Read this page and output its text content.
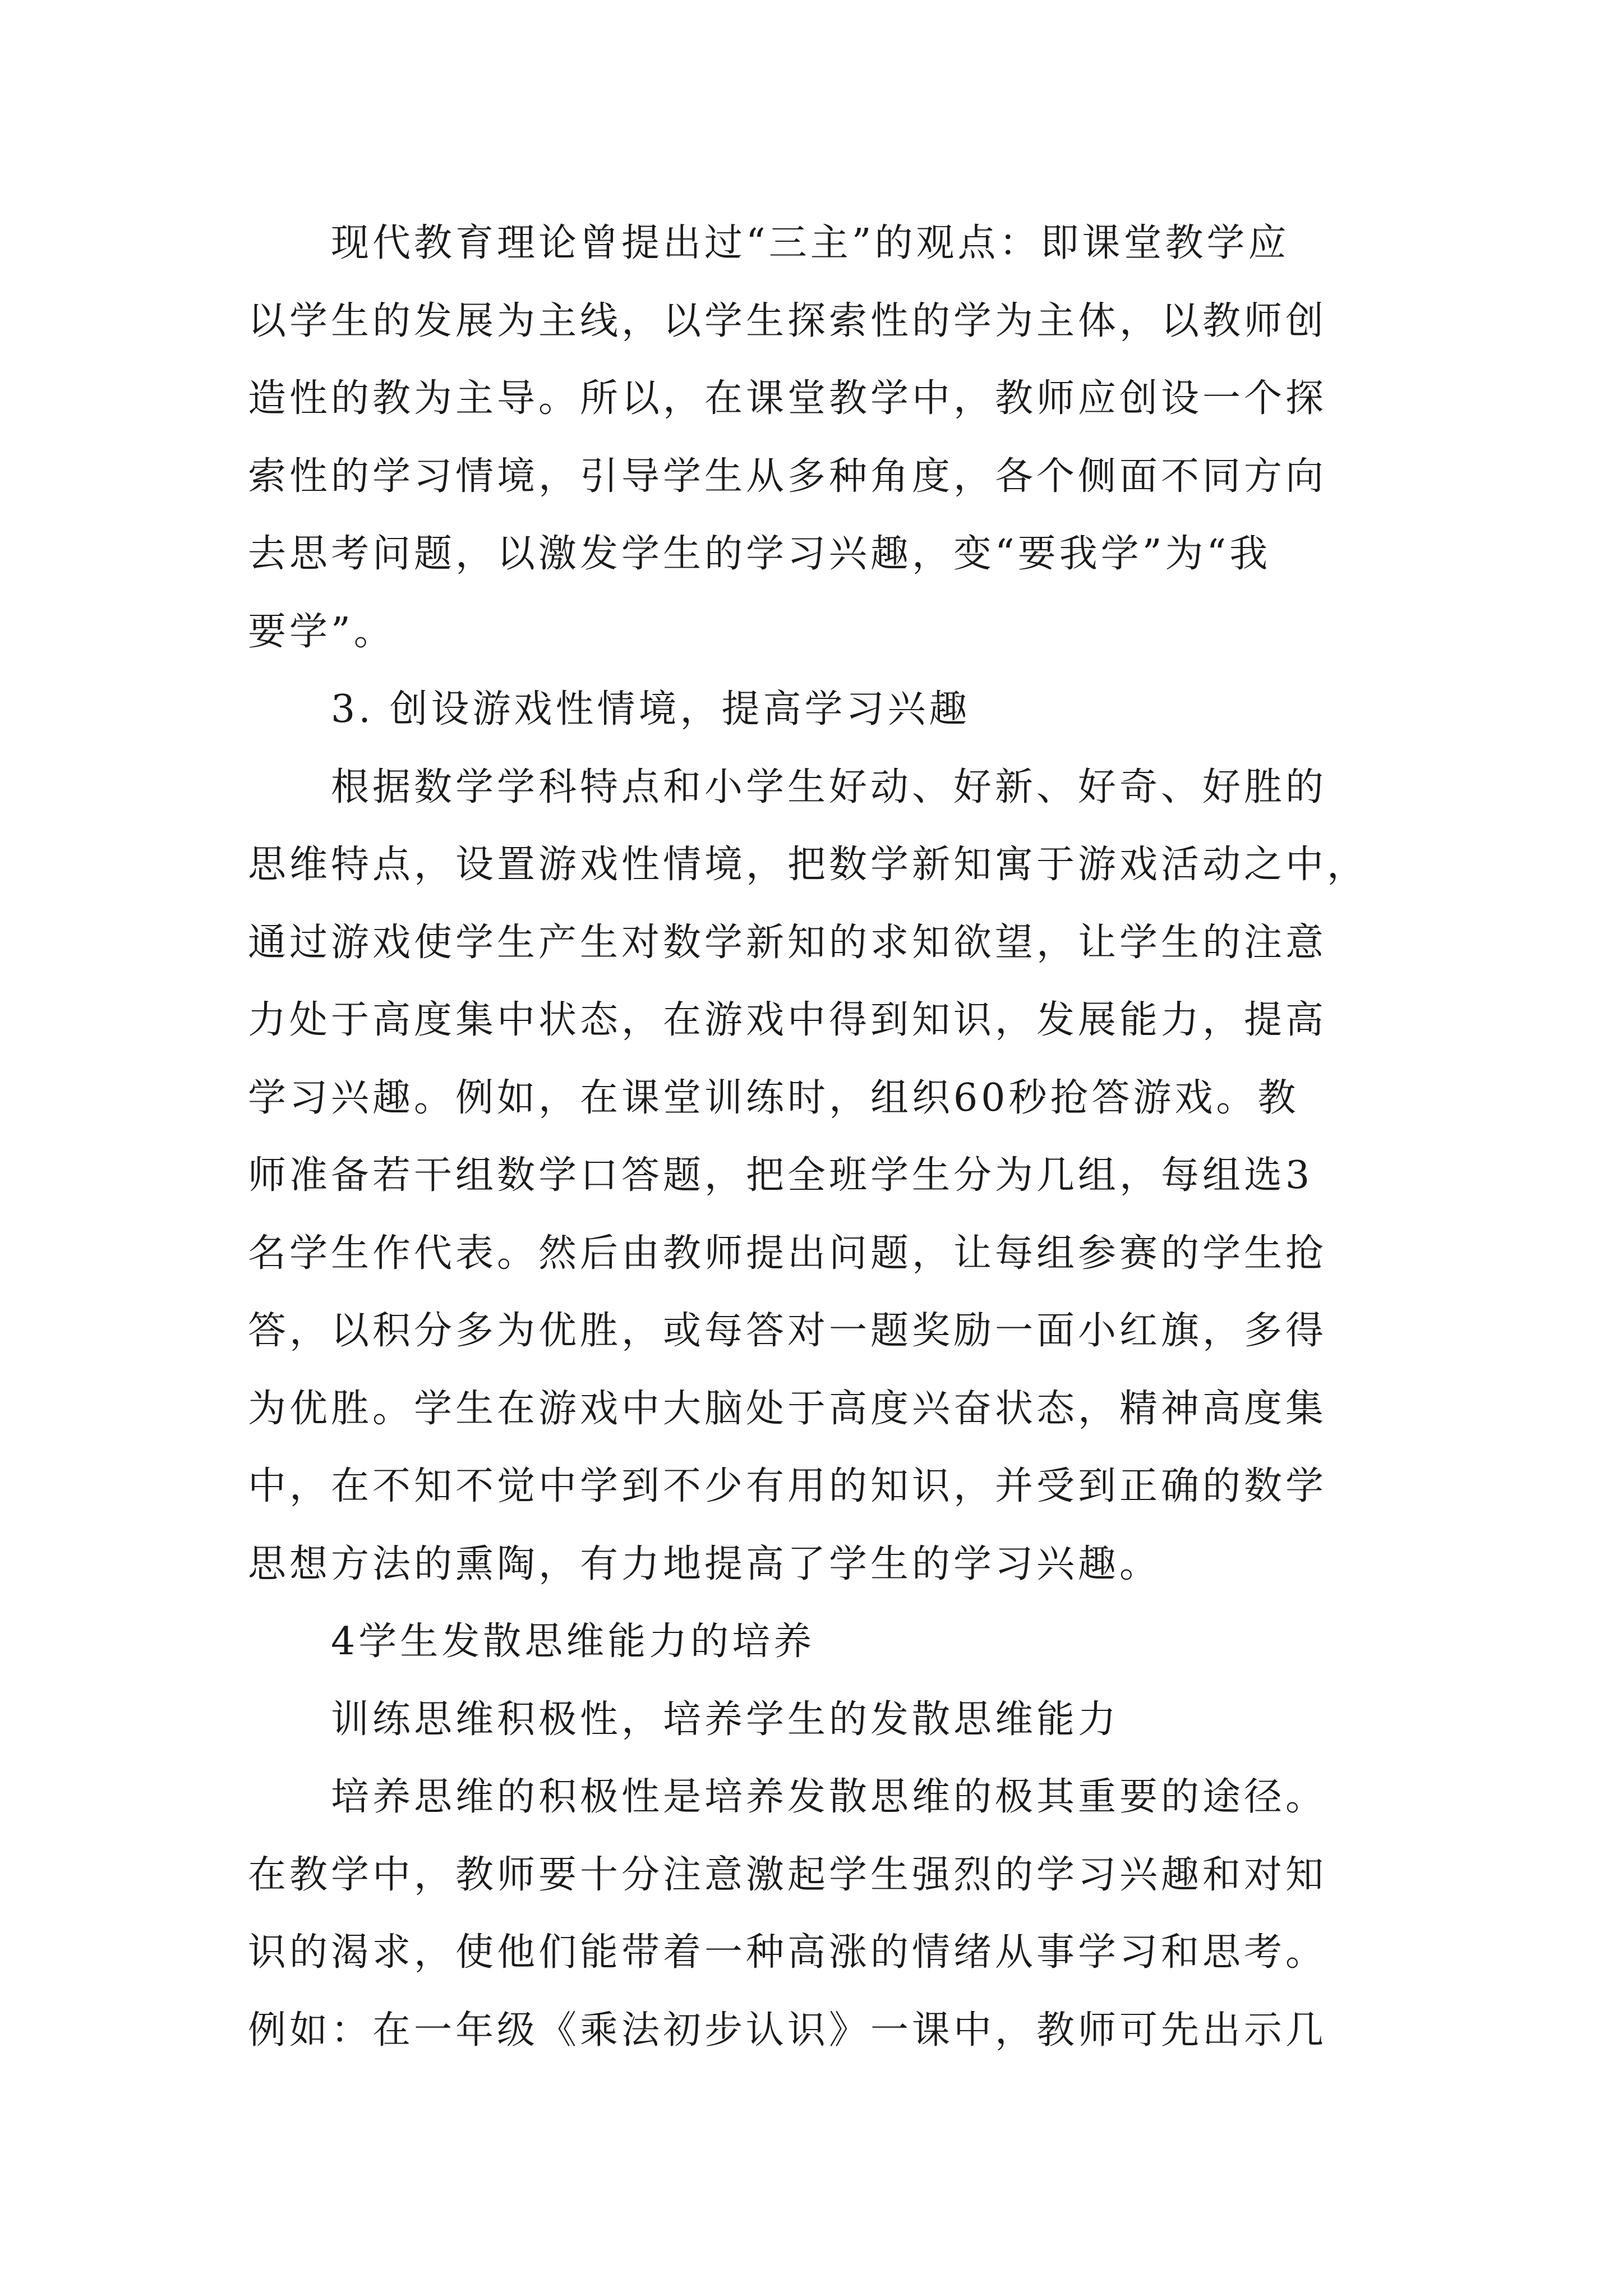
现代教育理论曾提出过“三主”的观点：即课堂教学应
以学生的发展为主线，以学生探索性的学为主体，以教师创
造性的教为主导。所以，在课堂教学中，教师应创设一个探
索性的学习情境，引导学生从多种角度，各个侧面不同方向
去思考问题，以激发学生的学习兴趣，变“要我学”为“我
要学”。
3. 创设游戏性情境，提高学习兴趣
根据数学学科特点和小学生好动、好新、好奇、好胜的
思维特点，设置游戏性情境，把数学新知寓于游戏活动之中，
通过游戏使学生产生对数学新知的求知欲望，让学生的注意
力处于高度集中状态，在游戏中得到知识，发展能力，提高
学习兴趣。例如，在课堂训练时，组织60秒抢答游戏。教
师准备若干组数学口答题，把全班学生分为几组，每组选3
名学生作代表。然后由教师提出问题，让每组参赛的学生抢
答，以积分多为优胜，或每答对一题奖励一面小红旗，多得
为优胜。学生在游戏中大脑处于高度兴奋状态，精神高度集
中，在不知不觉中学到不少有用的知识，并受到正确的数学
思想方法的熏陶，有力地提高了学生的学习兴趣。
4学生发散思维能力的培养
训练思维积极性，培养学生的发散思维能力
培养思维的积极性是培养发散思维的极其重要的途径。
在教学中，教师要十分注意激起学生强烈的学习兴趣和对知
识的渴求，使他们能带着一种高涨的情绪从事学习和思考。
例如：在一年级《乘法初步认识》一课中，教师可先出示几
